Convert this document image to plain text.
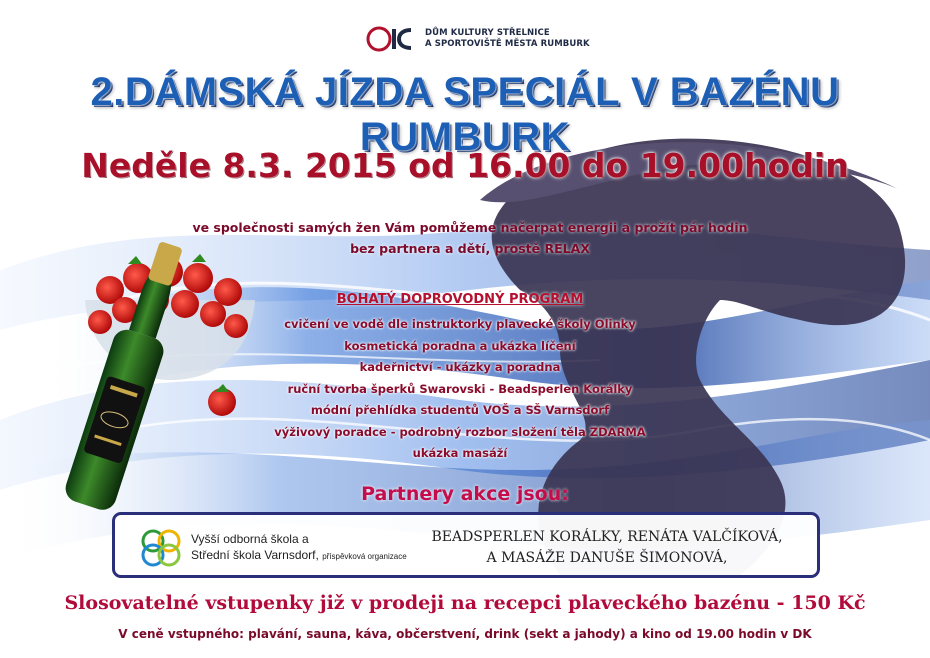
DŮM KULTURY STŘELNICE
A SPORTOVIŠTĚ MĚSTA RUMBURK
2.DÁMSKÁ JÍZDA SPECIÁL V BAZÉNU RUMBURK
Neděle 8.3. 2015 od 16.00 do 19.00hodin
ve společnosti samých žen Vám pomůžeme načerpat energii a prožít pár hodin
bez partnera a dětí, prostě RELAX
BOHATÝ DOPROVODNÝ PROGRAM
cvičení ve vodě dle instruktorky plavecké školy Olinky
kosmetická poradna a ukázka líčení
kadeřnictví - ukázky a poradna
ruční tvorba šperků Swarovski - Beadsperlen Korálky
módní přehlídka studentů VOŠ a SŠ Varnsdorf
výživový poradce - podrobný rozbor složení těla ZDARMA
ukázka masáží
Partnery akce jsou:
Vyšší odborná škola a
Střední škola Varnsdorf, příspěvková organizace
BEADSPERLEN KORÁLKY, RENÁTA VALČÍKOVÁ,
A MASÁŽE DANUŠE ŠIMONOVÁ,
Slosovatelné vstupenky již v prodeji na recepci plaveckého bazénu - 150 Kč
V ceně vstupného: plavání, sauna, káva, občerstvení, drink (sekt a jahody) a kino od 19.00 hodin v DK
